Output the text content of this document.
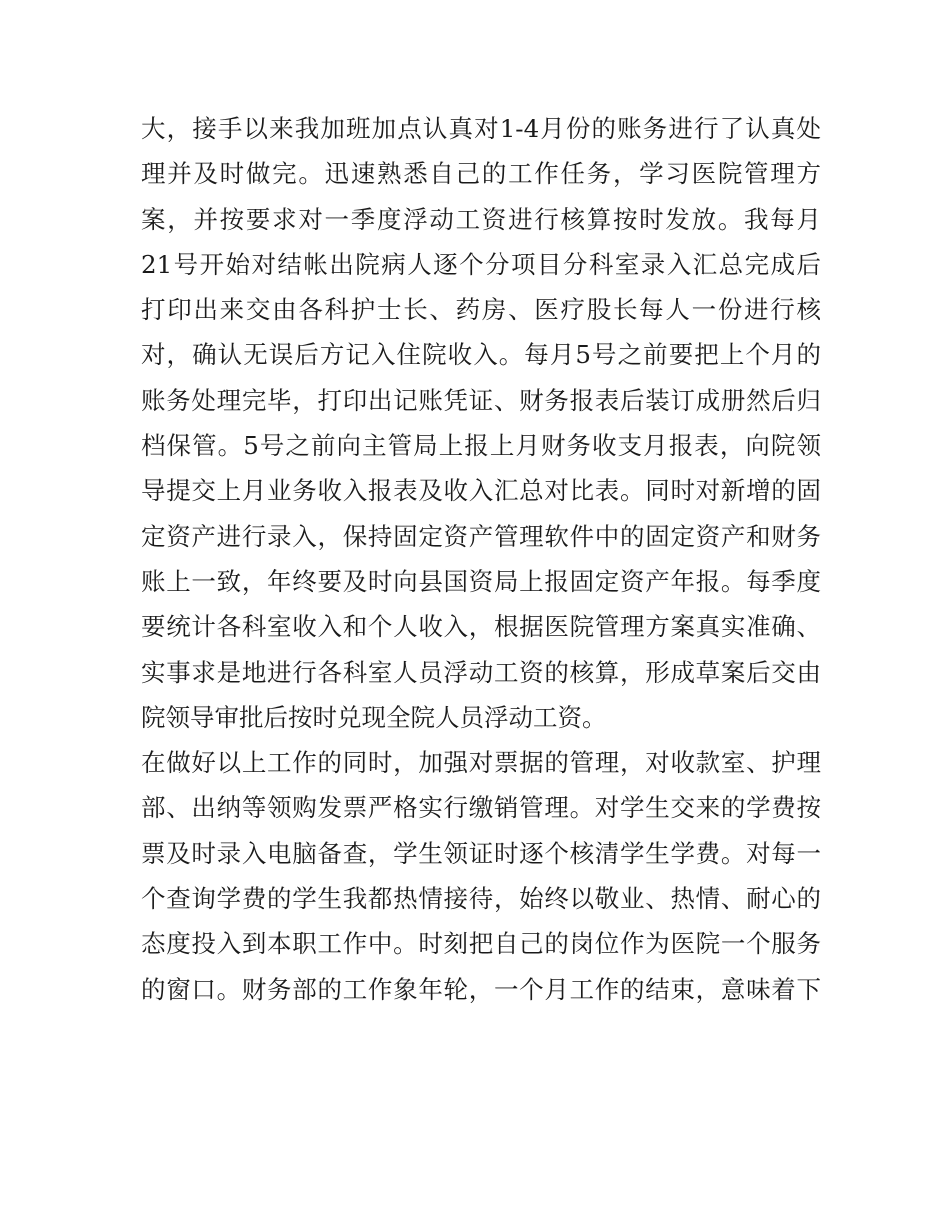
大，接手以来我加班加点认真对1-4月份的账务进行了认真处
理并及时做完。迅速熟悉自己的工作任务，学习医院管理方
案，并按要求对一季度浮动工资进行核算按时发放。我每月
21号开始对结帐出院病人逐个分项目分科室录入汇总完成后
打印出来交由各科护士长、药房、医疗股长每人一份进行核
对，确认无误后方记入住院收入。每月5号之前要把上个月的
账务处理完毕，打印出记账凭证、财务报表后装订成册然后归
档保管。5号之前向主管局上报上月财务收支月报表，向院领
导提交上月业务收入报表及收入汇总对比表。同时对新增的固
定资产进行录入，保持固定资产管理软件中的固定资产和财务
账上一致，年终要及时向县国资局上报固定资产年报。每季度
要统计各科室收入和个人收入，根据医院管理方案真实准确、
实事求是地进行各科室人员浮动工资的核算，形成草案后交由
院领导审批后按时兑现全院人员浮动工资。
在做好以上工作的同时，加强对票据的管理，对收款室、护理
部、出纳等领购发票严格实行缴销管理。对学生交来的学费按
票及时录入电脑备查，学生领证时逐个核清学生学费。对每一
个查询学费的学生我都热情接待，始终以敬业、热情、耐心的
态度投入到本职工作中。时刻把自己的岗位作为医院一个服务
的窗口。财务部的工作象年轮，一个月工作的结束，意味着下
